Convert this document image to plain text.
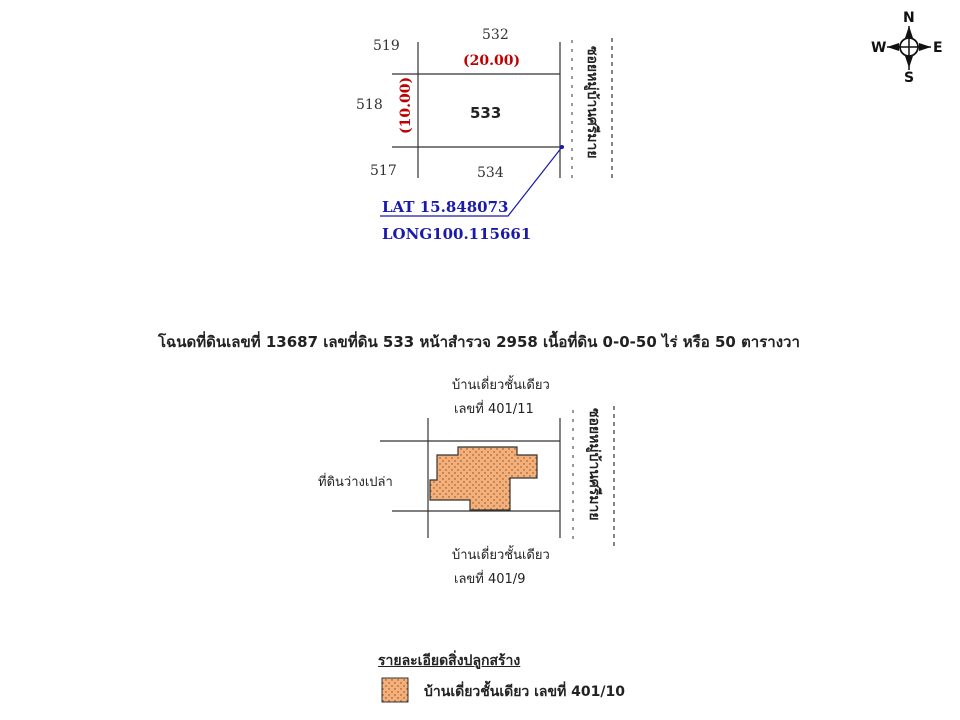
N
S
W	E
532
519
518
517	534
(20.00)
(10.00)	533	ซอยหมู่บ้านศรีมาย
LAT 15.848073
LONG100.115661
โฉนดที่ดินเลขที่ 13687 เลขที่ดิน 533 หน้าสำรวจ 2958 เนื้อที่ดิน 0-0-50 ไร่ หรือ 50 ตารางวา
บ้านเดี่ยวชั้นเดียว
เลขที่ 401/11
ที่ดินว่างเปล่า
บ้านเดี่ยวชั้นเดียว
เลขที่ 401/9
ซอยหมู่บ้านศรีมาย
รายละเอียดสิ่งปลูกสร้าง
บ้านเดี่ยวชั้นเดียว เลขที่ 401/10
